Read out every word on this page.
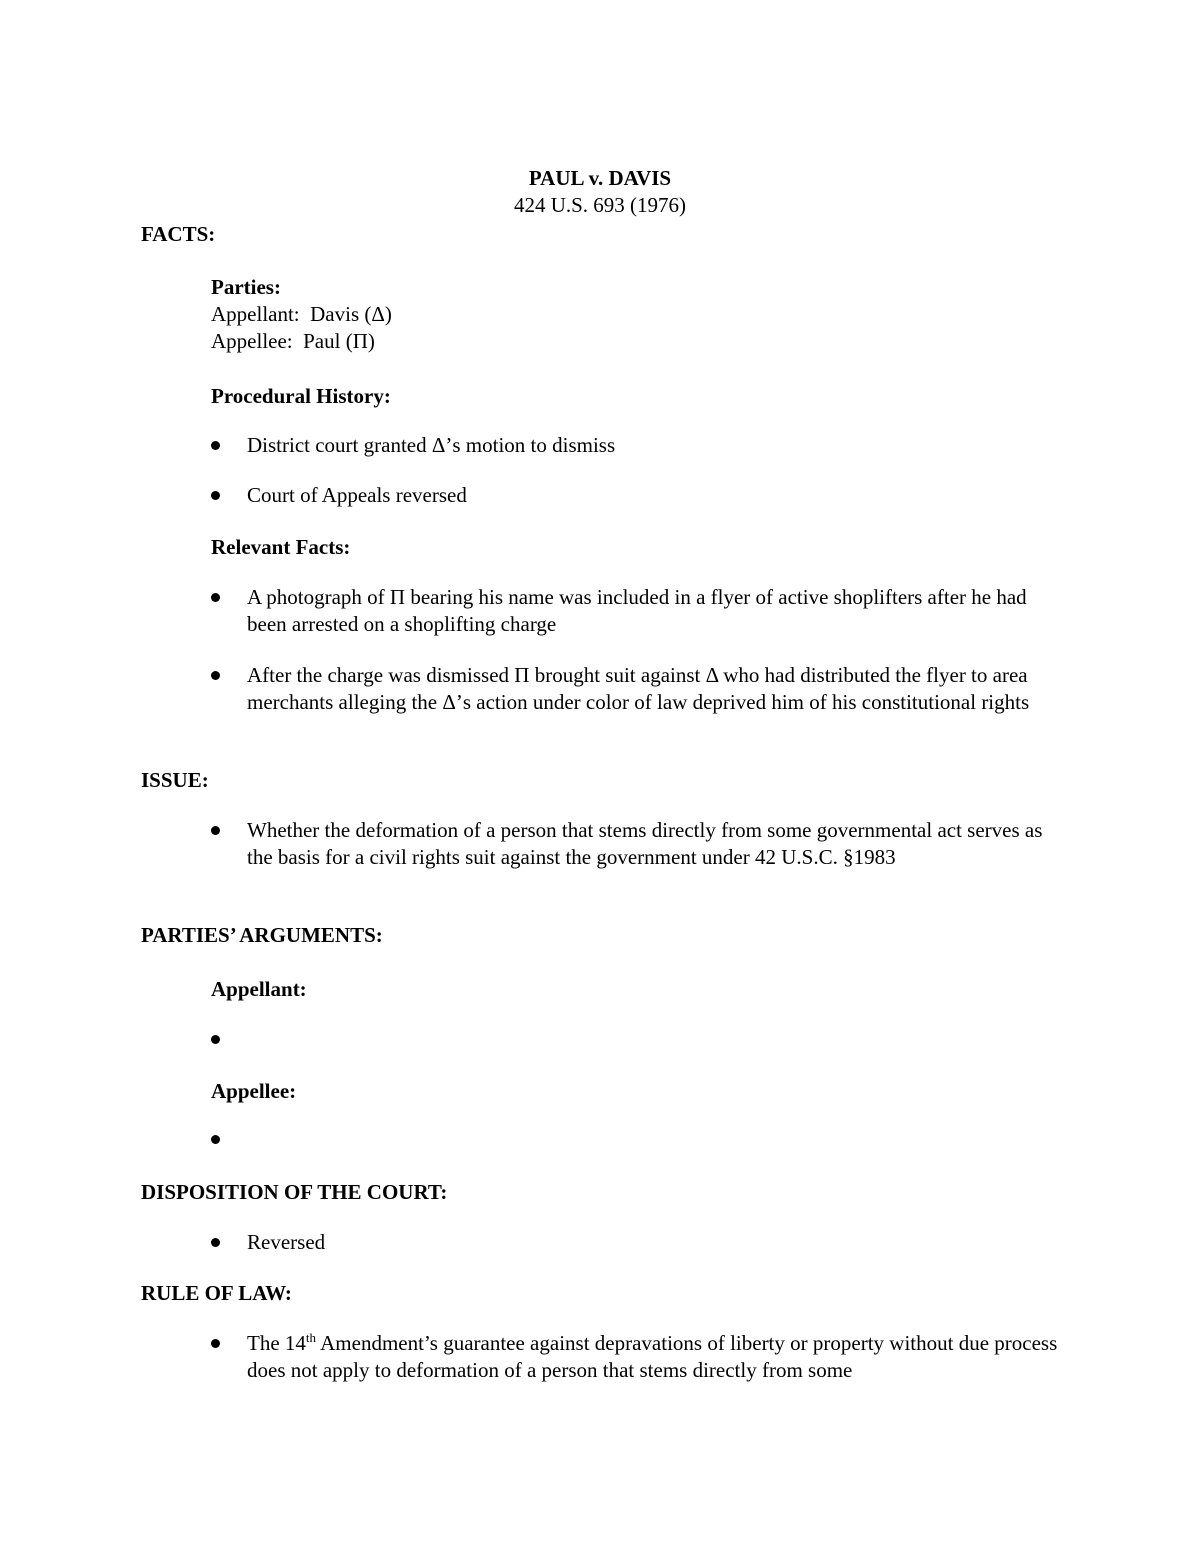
PAUL v. DAVIS
424 U.S. 693 (1976)
FACTS:
Parties:
Appellant:  Davis (Δ)
Appellee:  Paul (Π)
Procedural History:
District court granted Δ’s motion to dismiss
Court of Appeals reversed
Relevant Facts:
A photograph of Π bearing his name was included in a flyer of active shoplifters after he had been arrested on a shoplifting charge
After the charge was dismissed Π brought suit against Δ who had distributed the flyer to area merchants alleging the Δ’s action under color of law deprived him of his constitutional rights
ISSUE:
Whether the deformation of a person that stems directly from some governmental act serves as the basis for a civil rights suit against the government under 42 U.S.C. §1983
PARTIES’ ARGUMENTS:
Appellant:
Appellee:
DISPOSITION OF THE COURT:
Reversed
RULE OF LAW:
The 14th Amendment’s guarantee against depravations of liberty or property without due process does not apply to deformation of a person that stems directly from some
